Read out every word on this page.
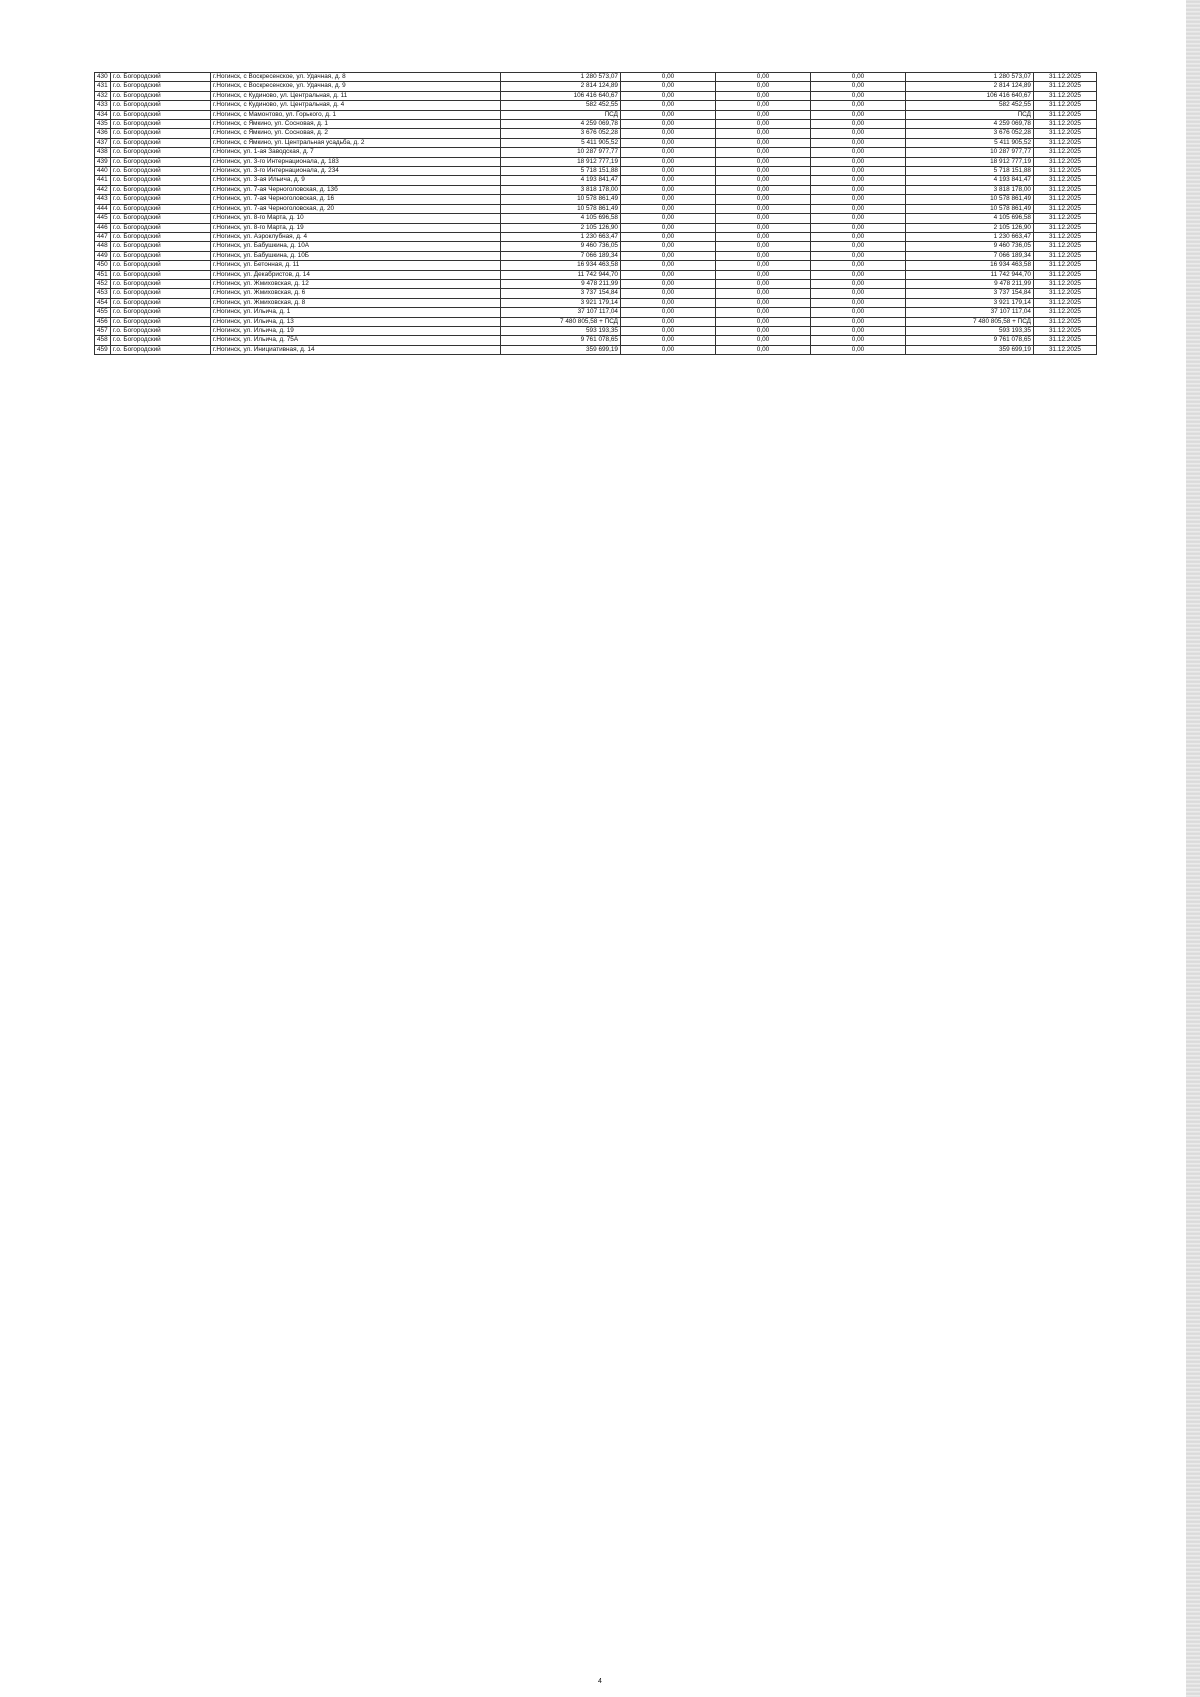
430	г.о. Богородский	г.Ногинск, с Воскресенское, ул. Удачная, д. 8	1 280 573,07	0,00	0,00	0,00	1 280 573,07	31.12.2025
431	г.о. Богородский	г.Ногинск, с Воскресенское, ул. Удачная, д. 9	2 814 124,89	0,00	0,00	0,00	2 814 124,89	31.12.2025
432	г.о. Богородский	г.Ногинск, с Кудиново, ул. Центральная, д. 11	106 416 640,67	0,00	0,00	0,00	106 416 640,67	31.12.2025
433	г.о. Богородский	г.Ногинск, с Кудиново, ул. Центральная, д. 4	582 452,55	0,00	0,00	0,00	582 452,55	31.12.2025
434	г.о. Богородский	г.Ногинск, с Мамонтово, ул. Горького, д. 1	ПСД	0,00	0,00	0,00	ПСД	31.12.2025
435	г.о. Богородский	г.Ногинск, с Ямкино, ул. Сосновая, д. 1	4 259 069,78	0,00	0,00	0,00	4 259 069,78	31.12.2025
436	г.о. Богородский	г.Ногинск, с Ямкино, ул. Сосновая, д. 2	3 676 052,28	0,00	0,00	0,00	3 676 052,28	31.12.2025
437	г.о. Богородский	г.Ногинск, с Ямкино, ул. Центральная усадьба, д. 2	5 411 905,52	0,00	0,00	0,00	5 411 905,52	31.12.2025
438	г.о. Богородский	г.Ногинск, ул. 1-ая Заводская, д. 7	10 287 977,77	0,00	0,00	0,00	10 287 977,77	31.12.2025
439	г.о. Богородский	г.Ногинск, ул. 3-го Интернационала, д. 183	18 912 777,19	0,00	0,00	0,00	18 912 777,19	31.12.2025
440	г.о. Богородский	г.Ногинск, ул. 3-го Интернационала, д. 234	5 718 151,88	0,00	0,00	0,00	5 718 151,88	31.12.2025
441	г.о. Богородский	г.Ногинск, ул. 3-ая Ильича, д. 9	4 193 841,47	0,00	0,00	0,00	4 193 841,47	31.12.2025
442	г.о. Богородский	г.Ногинск, ул. 7-ая Черноголовская, д. 13б	3 818 178,00	0,00	0,00	0,00	3 818 178,00	31.12.2025
443	г.о. Богородский	г.Ногинск, ул. 7-ая Черноголовская, д. 16	10 578 861,49	0,00	0,00	0,00	10 578 861,49	31.12.2025
444	г.о. Богородский	г.Ногинск, ул. 7-ая Черноголовская, д. 20	10 578 861,49	0,00	0,00	0,00	10 578 861,49	31.12.2025
445	г.о. Богородский	г.Ногинск, ул. 8-го Марта, д. 10	4 105 696,58	0,00	0,00	0,00	4 105 696,58	31.12.2025
446	г.о. Богородский	г.Ногинск, ул. 8-го Марта, д. 19	2 105 126,90	0,00	0,00	0,00	2 105 126,90	31.12.2025
447	г.о. Богородский	г.Ногинск, ул. Аэроклубная, д. 4	1 230 663,47	0,00	0,00	0,00	1 230 663,47	31.12.2025
448	г.о. Богородский	г.Ногинск, ул. Бабушкина, д. 10А	9 460 736,05	0,00	0,00	0,00	9 460 736,05	31.12.2025
449	г.о. Богородский	г.Ногинск, ул. Бабушкина, д. 10Б	7 066 189,34	0,00	0,00	0,00	7 066 189,34	31.12.2025
450	г.о. Богородский	г.Ногинск, ул. Бетонная, д. 11	16 934 463,58	0,00	0,00	0,00	16 934 463,58	31.12.2025
451	г.о. Богородский	г.Ногинск, ул. Декабристов, д. 14	11 742 944,70	0,00	0,00	0,00	11 742 944,70	31.12.2025
452	г.о. Богородский	г.Ногинск, ул. Жмиховская, д. 12	9 478 211,99	0,00	0,00	0,00	9 478 211,99	31.12.2025
453	г.о. Богородский	г.Ногинск, ул. Жмиховская, д. 6	3 737 154,84	0,00	0,00	0,00	3 737 154,84	31.12.2025
454	г.о. Богородский	г.Ногинск, ул. Жмиховская, д. 8	3 921 179,14	0,00	0,00	0,00	3 921 179,14	31.12.2025
455	г.о. Богородский	г.Ногинск, ул. Ильича, д. 1	37 107 117,04	0,00	0,00	0,00	37 107 117,04	31.12.2025
456	г.о. Богородский	г.Ногинск, ул. Ильича, д. 13	7 480 805,58 + ПСД	0,00	0,00	0,00	7 480 805,58 + ПСД	31.12.2025
457	г.о. Богородский	г.Ногинск, ул. Ильича, д. 19	593 193,35	0,00	0,00	0,00	593 193,35	31.12.2025
458	г.о. Богородский	г.Ногинск, ул. Ильича, д. 75А	9 761 078,65	0,00	0,00	0,00	9 761 078,65	31.12.2025
459	г.о. Богородский	г.Ногинск, ул. Инициативная, д. 14	359 699,19	0,00	0,00	0,00	359 699,19	31.12.2025
4
